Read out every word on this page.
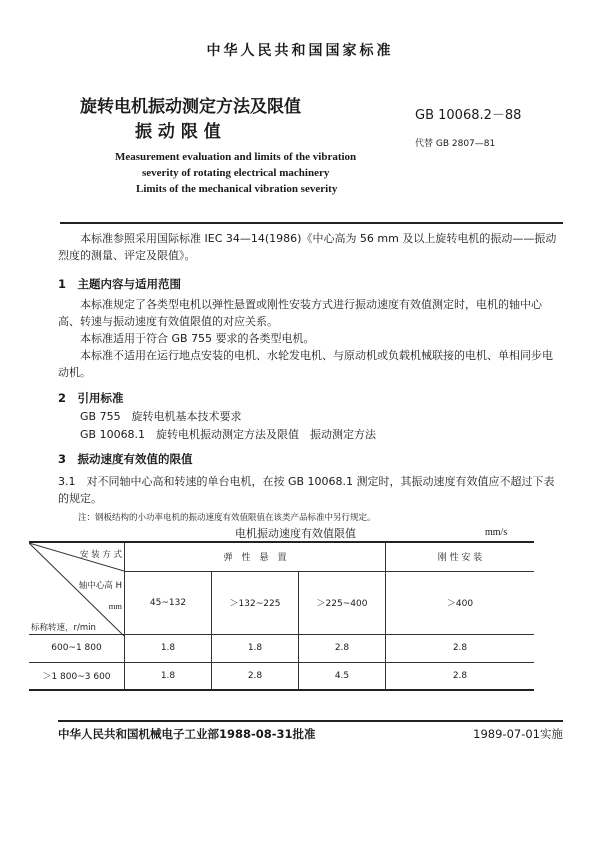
中华人民共和国国家标准
旋转电机振动测定方法及限值
振 动 限 值
GB 10068.2－88
代替 GB 2807—81
Measurement evaluation and limits of the vibration
severity of rotating electrical machinery
Limits of the mechanical vibration severity
本标准参照采用国际标准 IEC 34—14(1986)《中心高为 56 mm 及以上旋转电机的振动——振动烈度的测量、评定及限值》。
1　主题内容与适用范围
本标准规定了各类型电机以弹性悬置或刚性安装方式进行振动速度有效值测定时，电机的轴中心高、转速与振动速度有效值限值的对应关系。
本标准适用于符合 GB 755 要求的各类型电机。
本标准不适用在运行地点安装的电机、水轮发电机、与原动机或负载机械联接的电机、单相同步电动机。
2　引用标准
GB 755　旋转电机基本技术要求
GB 10068.1　旋转电机振动测定方法及限值　振动测定方法
3　振动速度有效值的限值
3.1　对不同轴中心高和转速的单台电机，在按 GB 10068.1 测定时，其振动速度有效值应不超过下表的规定。
注：钢板结构的小功率电机的振动速度有效值限值在该类产品标准中另行规定。
电机振动速度有效值限值	mm/s
安 装 方 式
轴中心高 H
mm
标称转速，r/min	弹　性　悬　置			刚 性 安 装
	45~132	＞132~225	＞225~400	＞400
600~1 800	1.8	1.8	2.8	2.8
＞1 800~3 600	1.8	2.8	4.5	2.8
中华人民共和国机械电子工业部1988-08-31批准	1989-07-01实施
